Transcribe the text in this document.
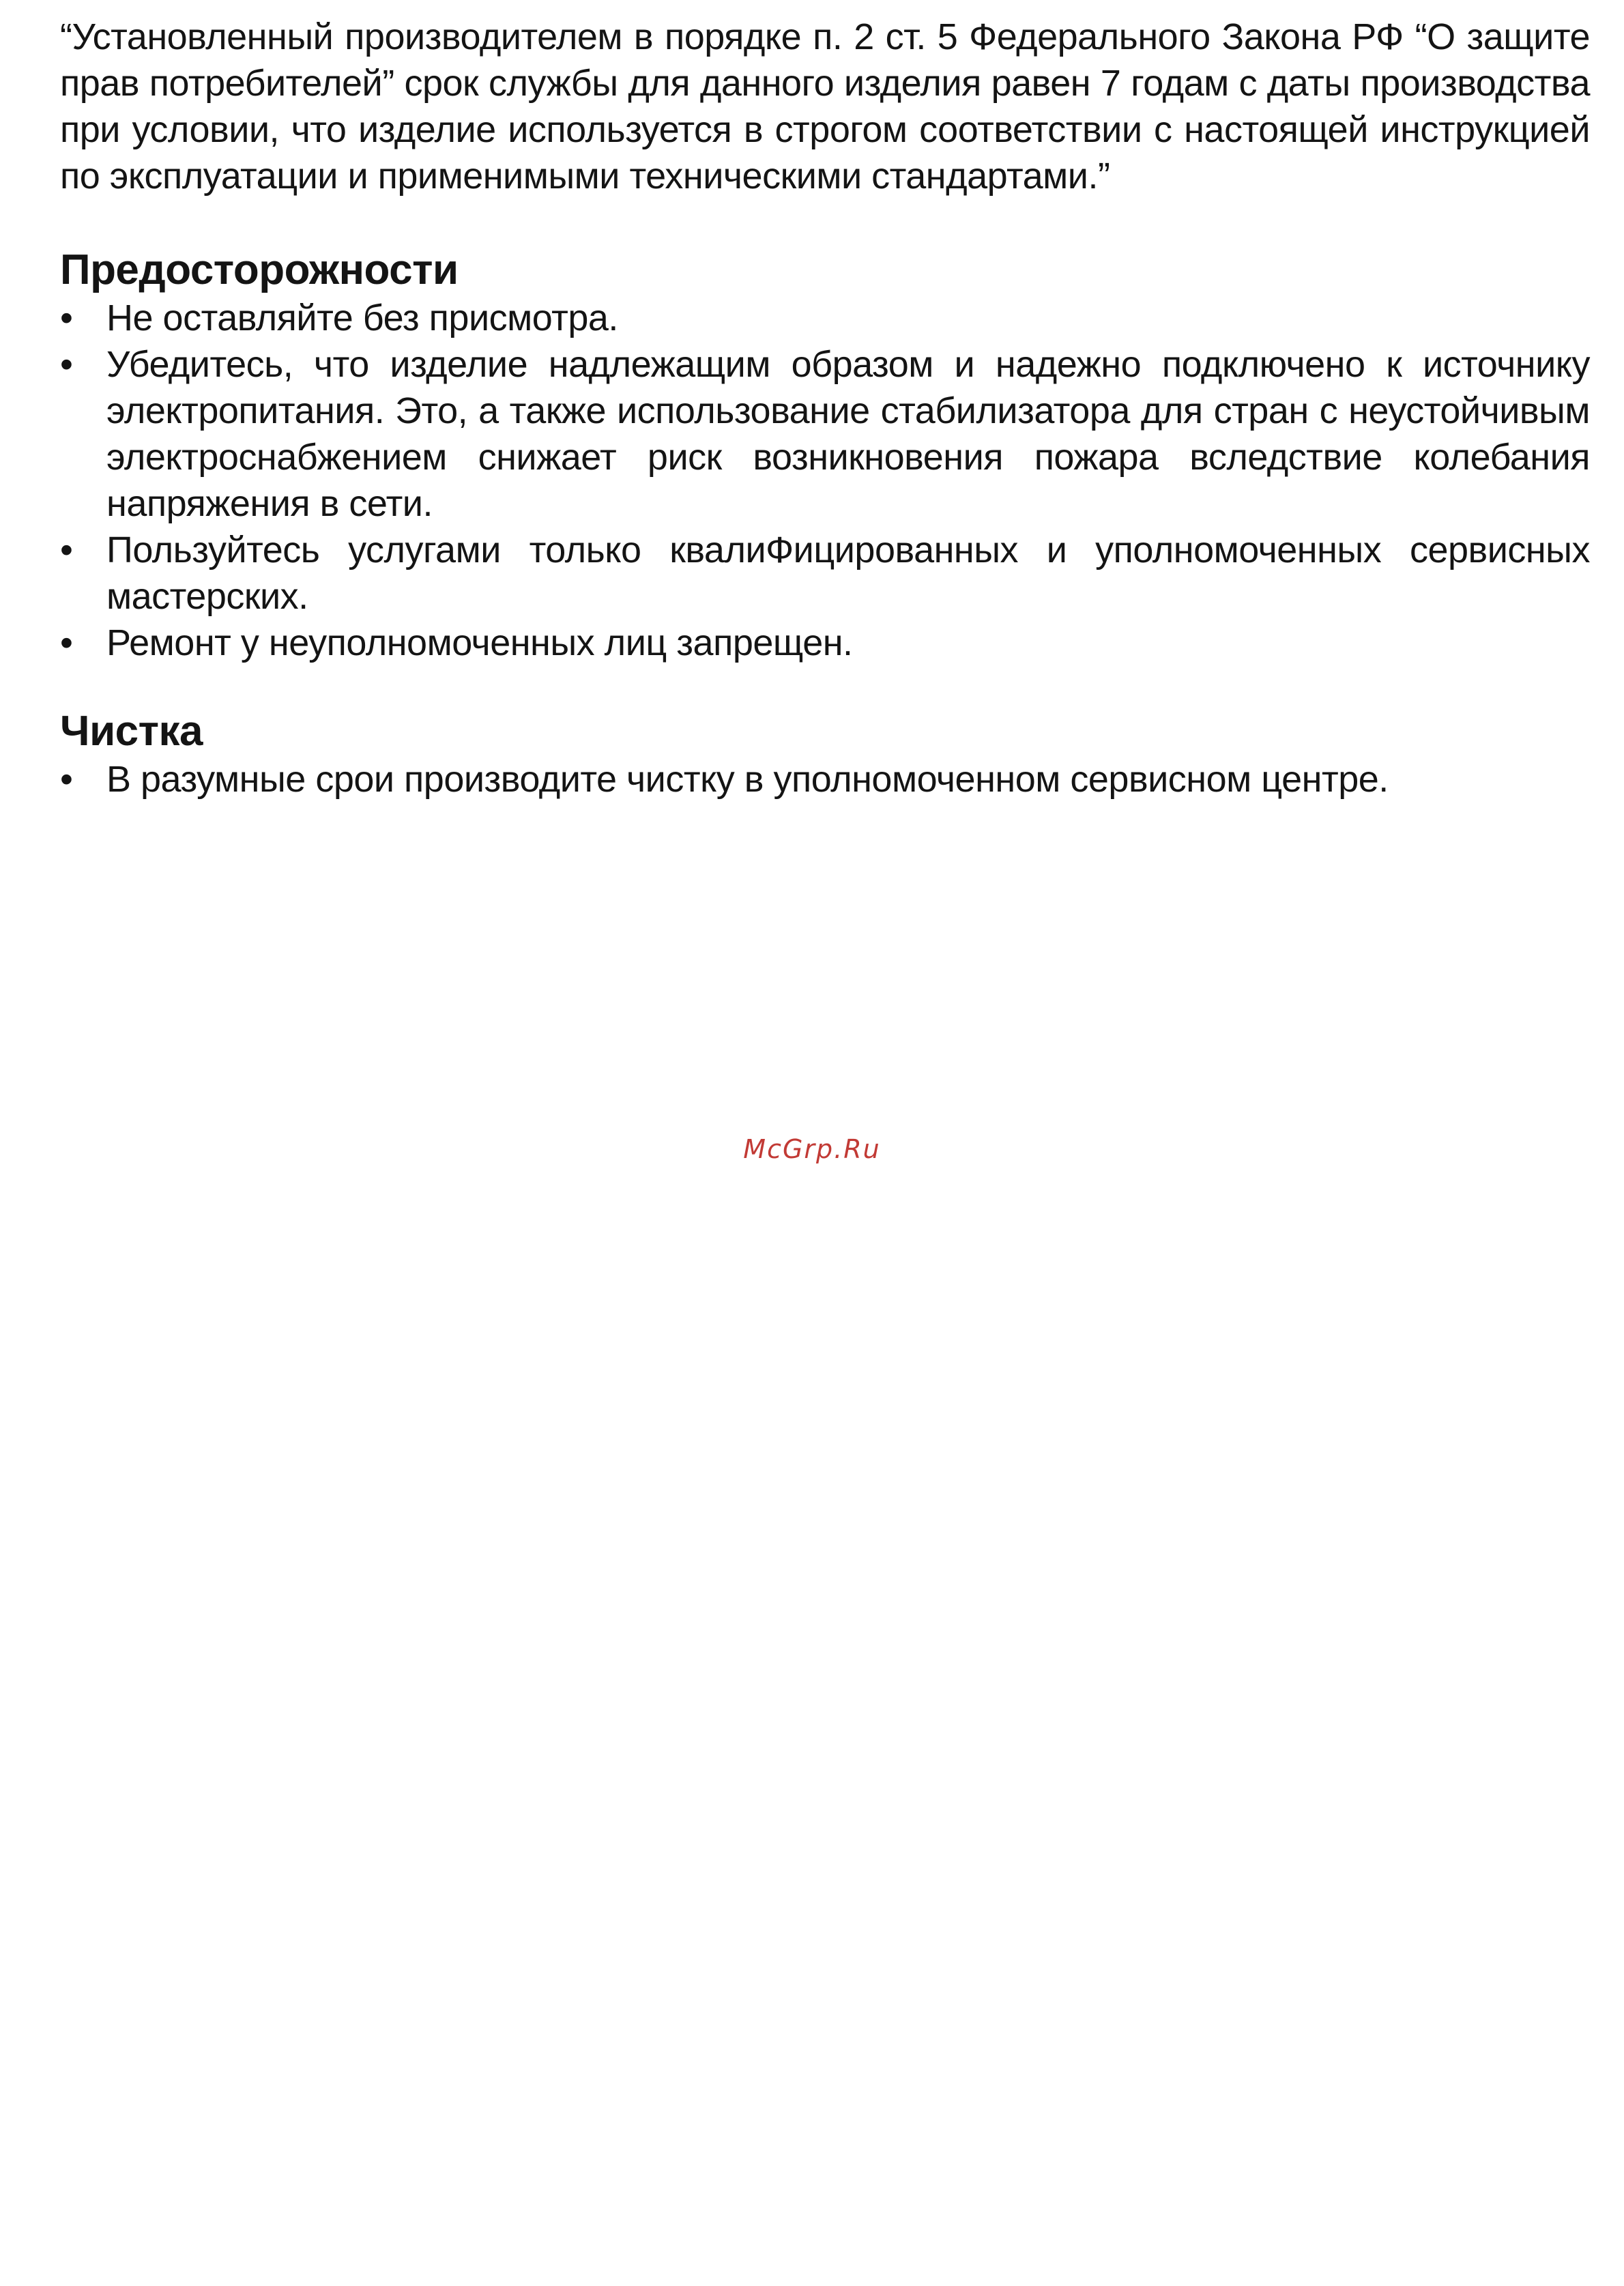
“Установленный производителем в порядке п. 2 ст. 5 Федерального Закона РФ “О защите прав потребителей” срок службы для данного изделия равен 7 годам с даты производства при условии, что изделие используется в строгом соответствии с настоящей инструкцией по эксплуатации и применимыми техническими стандартами.”

Предосторожности
• Не оставляйте без присмотра.
• Убедитесь, что изделие надлежащим образом и надежно подключено к источнику электропитания. Это, а также использование стабилизатора для стран с неустойчивым электроснабжением снижает риск возникновения пожара вследствие колебания напряжения в сети.
• Пользуйтесь услугами только квалиФицированных и уполномоченных сервисных мастерских.
• Ремонт у неуполномоченных лиц запрещен.
Чистка
• В разумные срои производите чистку в уполномоченном сервисном центре.
McGrp.Ru
